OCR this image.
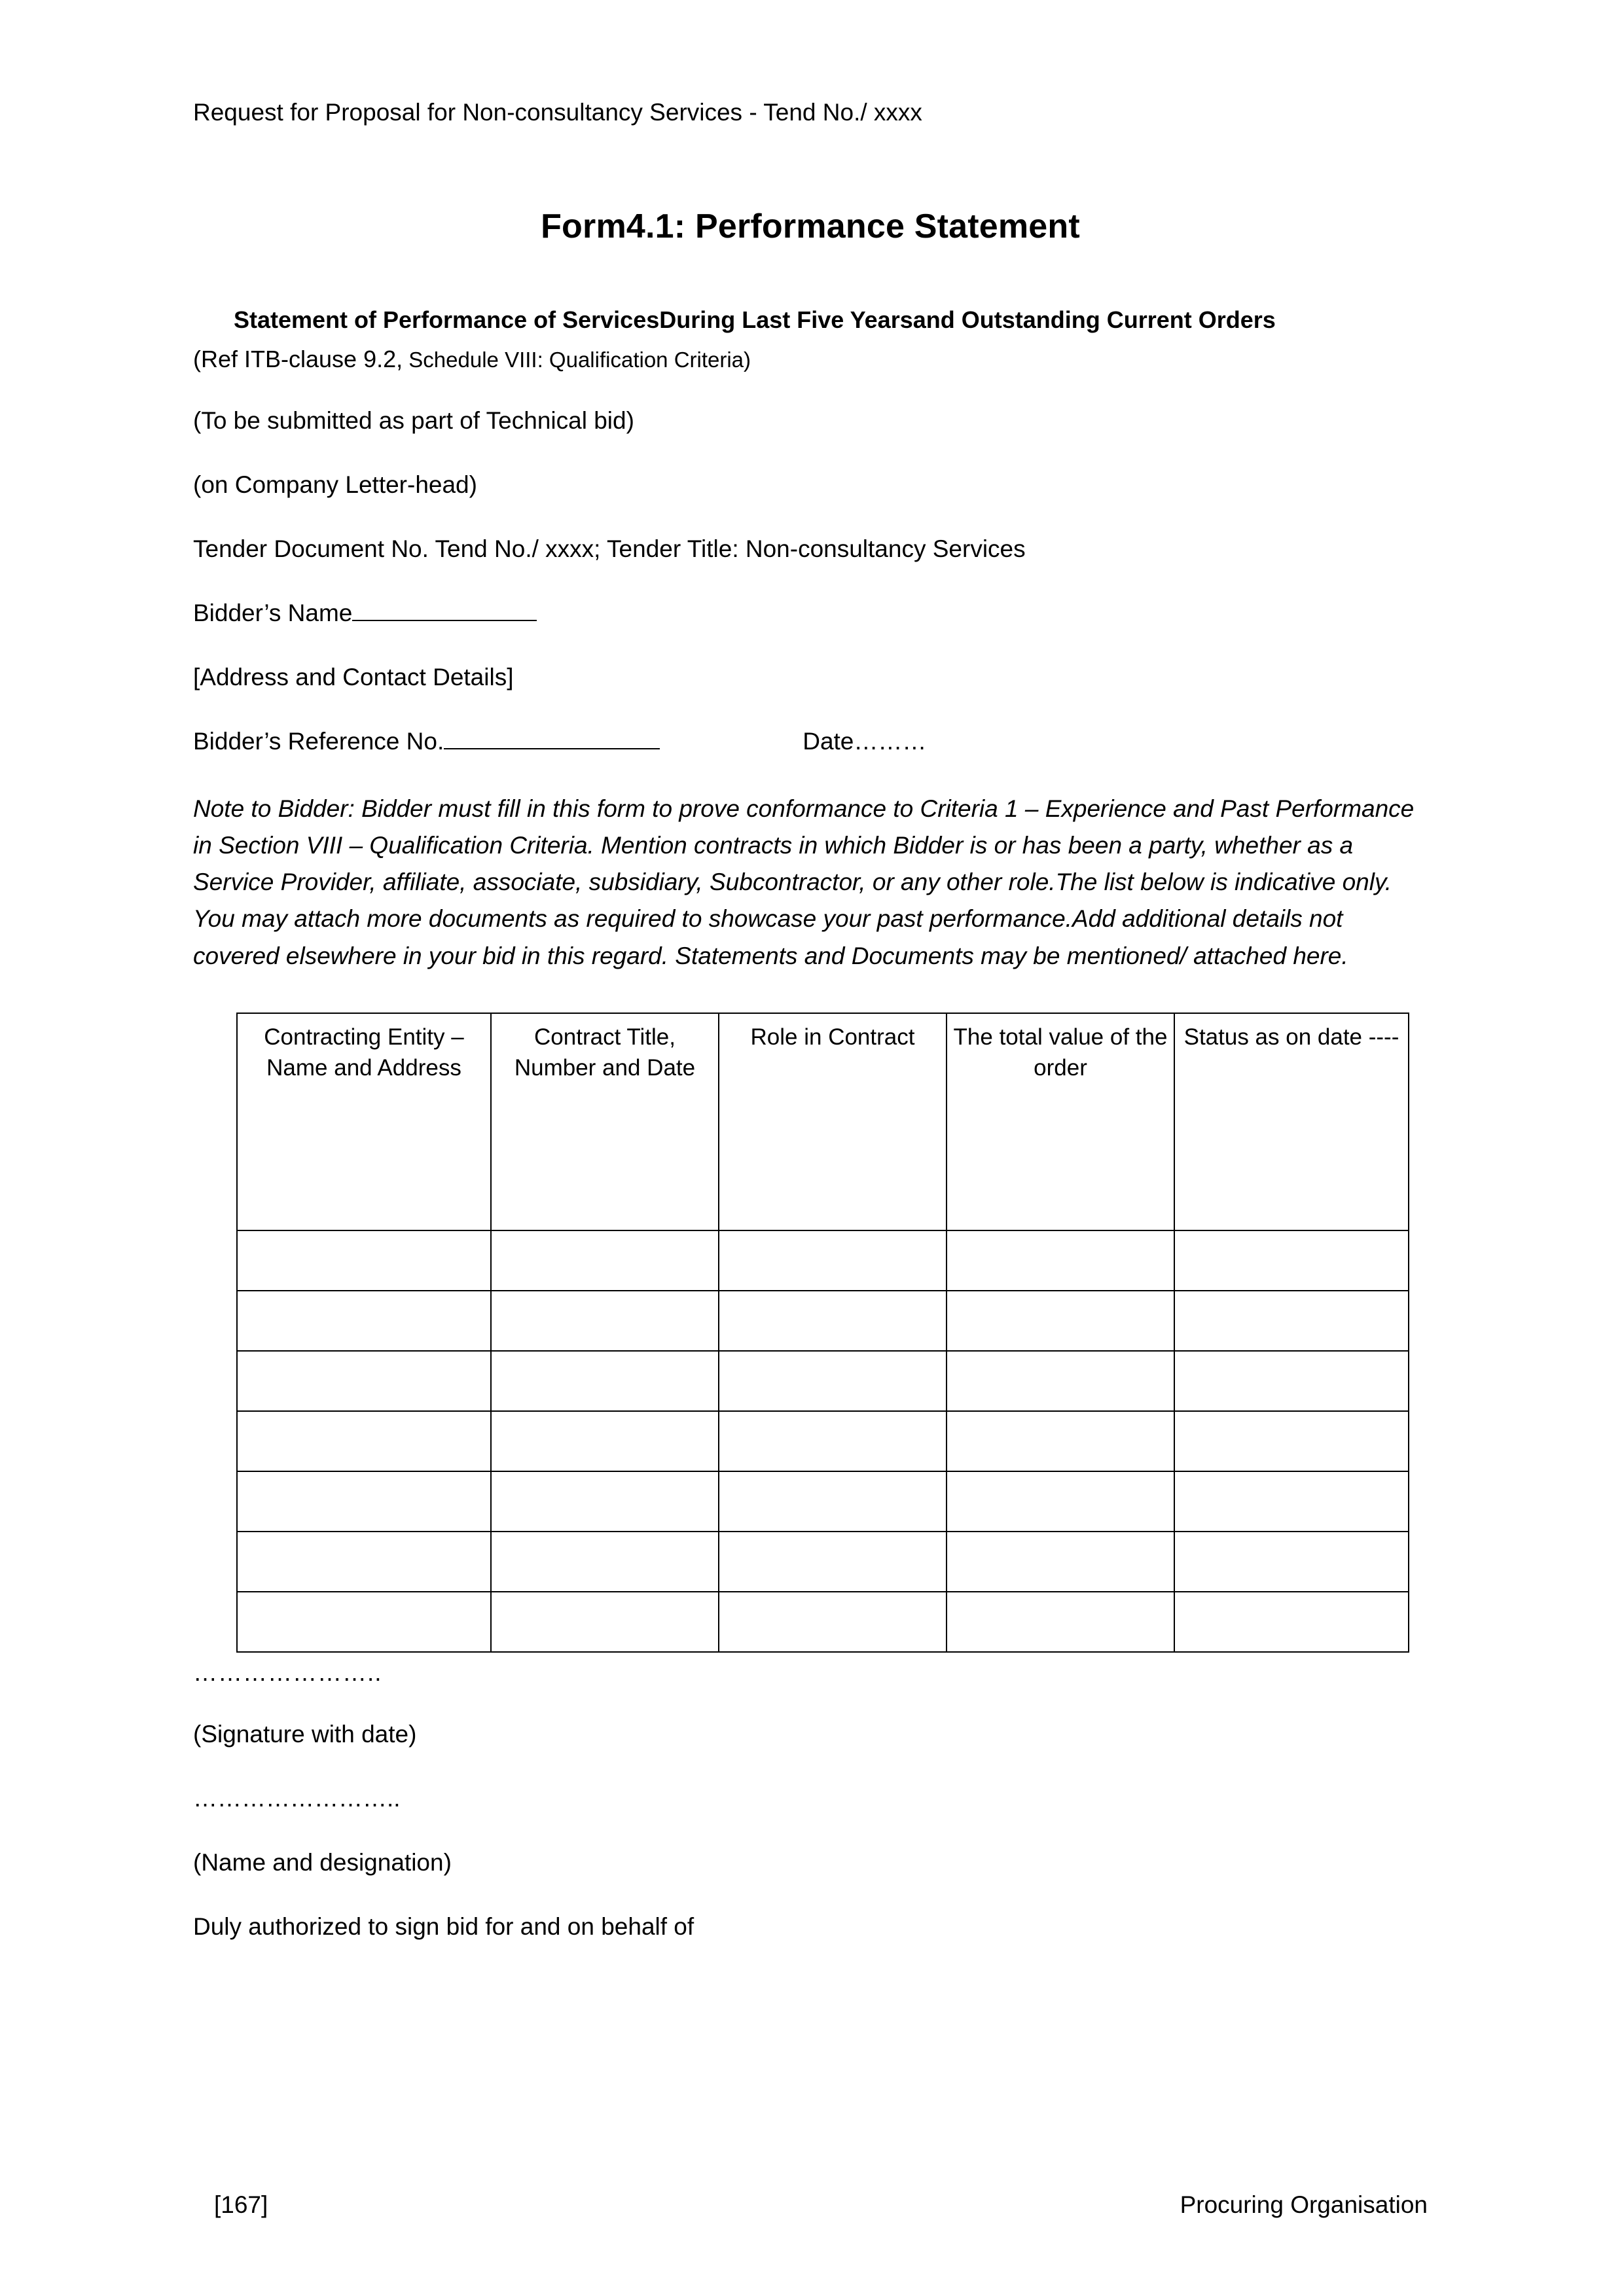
Request for Proposal for Non-consultancy Services - Tend No./ xxxx
Form4.1: Performance Statement
Statement of Performance of ServicesDuring Last Five Yearsand Outstanding Current Orders
(Ref ITB-clause 9.2, Schedule VIII: Qualification Criteria)

(To be submitted as part of Technical bid)

(on Company Letter-head)

Tender Document No. Tend No./ xxxx; Tender Title: Non-consultancy Services

Bidder’s Name

[Address and Contact Details]

Bidder’s Reference No.	Date………

Note to Bidder: Bidder must fill in this form to prove conformance to Criteria 1 – Experience and Past Performance in Section VIII – Qualification Criteria. Mention contracts in which Bidder is or has been a party, whether as a Service Provider, affiliate, associate, subsidiary, Subcontractor, or any other role.The list below is indicative only. You may attach more documents as required to showcase your past performance.Add additional details not covered elsewhere in your bid in this regard. Statements and Documents may be mentioned/ attached here.

Contracting Entity – Name and Address	Contract Title, Number and Date	Role in Contract	The total value of the order	Status as on date ----

…………………..

(Signature with date)

……………………..

(Name and designation)

Duly authorized to sign bid for and on behalf of

[167]	Procuring Organisation
